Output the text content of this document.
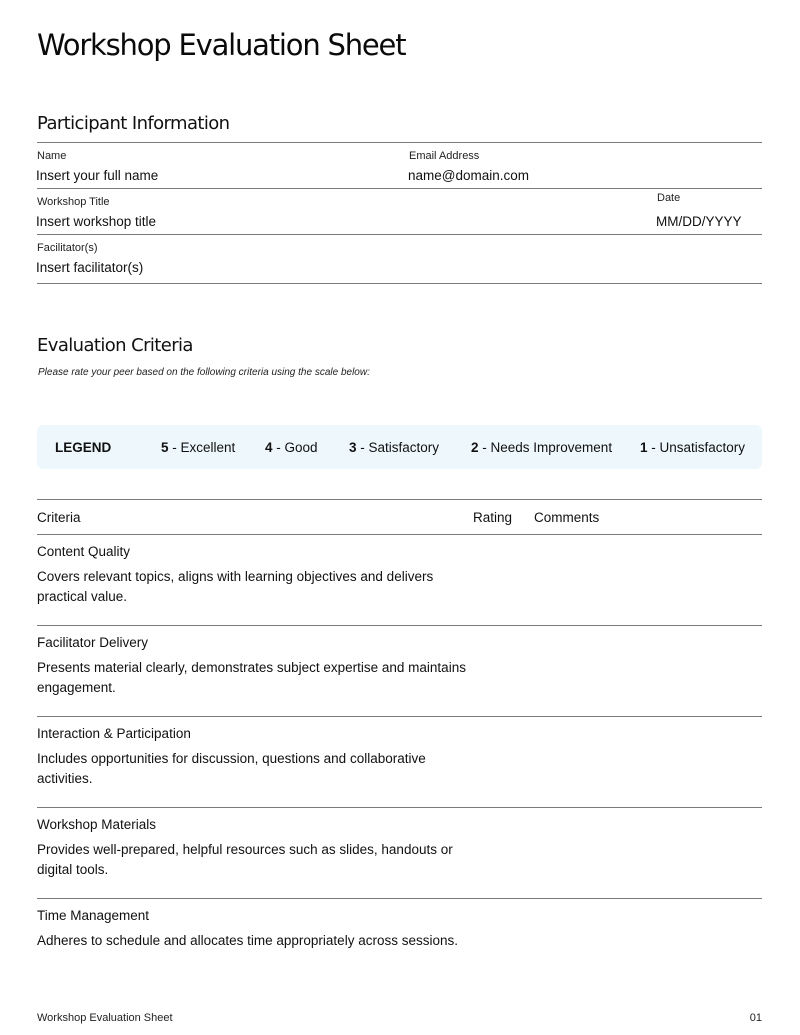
Workshop Evaluation Sheet
Participant Information
Name
Insert your full name
Email Address
name@domain.com
Workshop Title
Insert workshop title
Date
MM/DD/YYYY
Facilitator(s)
Insert facilitator(s)
Evaluation Criteria
Please rate your peer based on the following criteria using the scale below:
LEGEND	5 - Excellent 4 - Good 3 - Satisfactory 2 - Needs Improvement 1 - Unsatisfactory
Criteria	Rating Comments
Content Quality
Covers relevant topics, aligns with learning objectives and delivers practical value.
Facilitator Delivery
Presents material clearly, demonstrates subject expertise and maintains engagement.
Interaction & Participation
Includes opportunities for discussion, questions and collaborative activities.
Workshop Materials
Provides well-prepared, helpful resources such as slides, handouts or digital tools.
Time Management
Adheres to schedule and allocates time appropriately across sessions.
Workshop Evaluation Sheet	01
